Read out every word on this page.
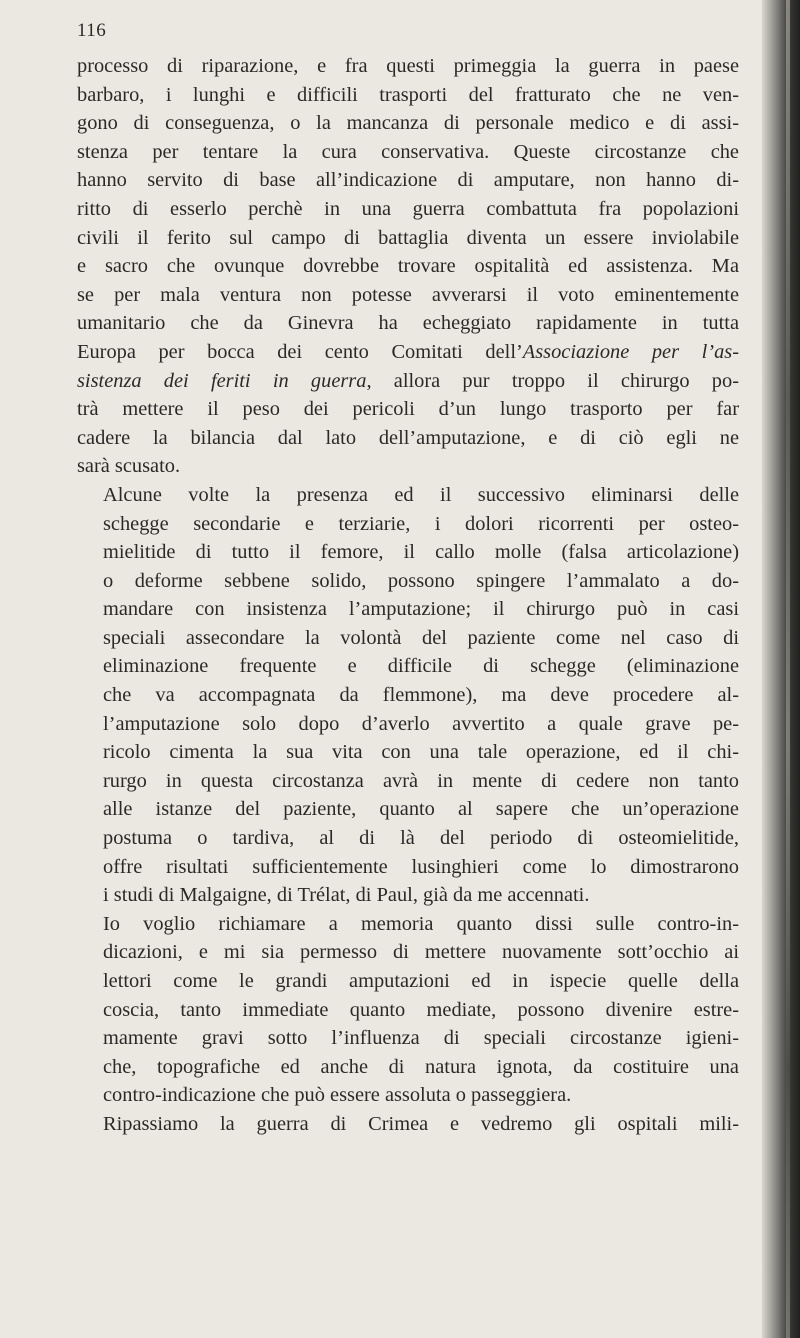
116
processo di riparazione, e fra questi primeggia la guerra in paese
barbaro, i lunghi e difficili trasporti del fratturato che ne ven-
gono di conseguenza, o la mancanza di personale medico e di assi-
stenza per tentare la cura conservativa. Queste circostanze che
hanno servito di base all’indicazione di amputare, non hanno di-
ritto di esserlo perchè in una guerra combattuta fra popolazioni
civili il ferito sul campo di battaglia diventa un essere inviolabile
e sacro che ovunque dovrebbe trovare ospitalità ed assistenza. Ma
se per mala ventura non potesse avverarsi il voto eminentemente
umanitario che da Ginevra ha echeggiato rapidamente in tutta
Europa per bocca dei cento Comitati dell’Associazione per l’as-
sistenza dei feriti in guerra, allora pur troppo il chirurgo po-
trà mettere il peso dei pericoli d’un lungo trasporto per far
cadere la bilancia dal lato dell’amputazione, e di ciò egli ne
sarà scusato.
Alcune volte la presenza ed il successivo eliminarsi delle
schegge secondarie e terziarie, i dolori ricorrenti per osteo-
mielitide di tutto il femore, il callo molle (falsa articolazione)
o deforme sebbene solido, possono spingere l’ammalato a do-
mandare con insistenza l’amputazione; il chirurgo può in casi
speciali assecondare la volontà del paziente come nel caso di
eliminazione frequente e difficile di schegge (eliminazione
che va accompagnata da flemmone), ma deve procedere al-
l’amputazione solo dopo d’averlo avvertito a quale grave pe-
ricolo cimenta la sua vita con una tale operazione, ed il chi-
rurgo in questa circostanza avrà in mente di cedere non tanto
alle istanze del paziente, quanto al sapere che un’operazione
postuma o tardiva, al di là del periodo di osteomielitide,
offre risultati sufficientemente lusinghieri come lo dimostrarono
i studi di Malgaigne, di Trélat, di Paul, già da me accennati.
Io voglio richiamare a memoria quanto dissi sulle contro-in-
dicazioni, e mi sia permesso di mettere nuovamente sott’occhio ai
lettori come le grandi amputazioni ed in ispecie quelle della
coscia, tanto immediate quanto mediate, possono divenire estre-
mamente gravi sotto l’influenza di speciali circostanze igieni-
che, topografiche ed anche di natura ignota, da costituire una
contro-indicazione che può essere assoluta o passeggiera.
Ripassiamo la guerra di Crimea e vedremo gli ospitali mili-
